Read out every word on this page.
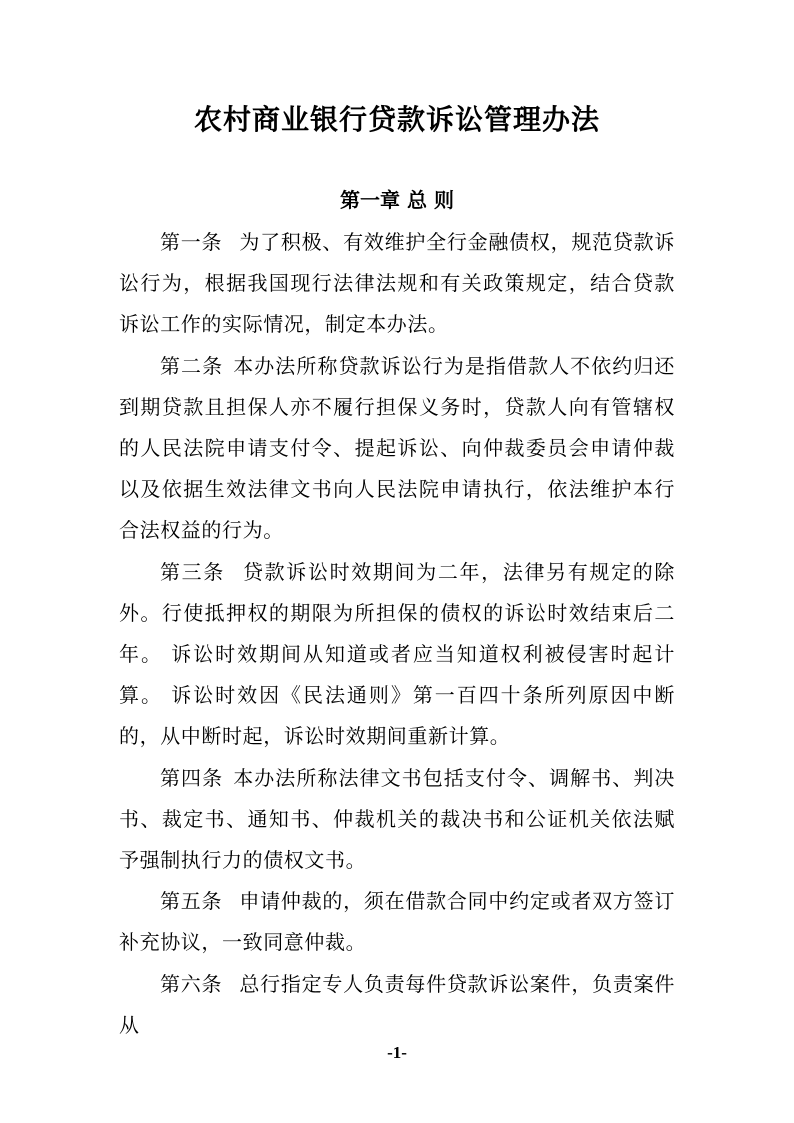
农村商业银行贷款诉讼管理办法
第一章 总 则

第一条 为了积极、有效维护全行金融债权，规范贷款诉讼行为，根据我国现行法律法规和有关政策规定，结合贷款诉讼工作的实际情况，制定本办法。

第二条 本办法所称贷款诉讼行为是指借款人不依约归还到期贷款且担保人亦不履行担保义务时，贷款人向有管辖权的人民法院申请支付令、提起诉讼、向仲裁委员会申请仲裁以及依据生效法律文书向人民法院申请执行，依法维护本行合法权益的行为。

第三条 贷款诉讼时效期间为二年，法律另有规定的除外。行使抵押权的期限为所担保的债权的诉讼时效结束后二年。 诉讼时效期间从知道或者应当知道权利被侵害时起计算。 诉讼时效因《民法通则》第一百四十条所列原因中断的，从中断时起，诉讼时效期间重新计算。

第四条 本办法所称法律文书包括支付令、调解书、判决书、裁定书、通知书、仲裁机关的裁决书和公证机关依法赋予强制执行力的债权文书。

第五条 申请仲裁的，须在借款合同中约定或者双方签订补充协议，一致同意仲裁。

第六条 总行指定专人负责每件贷款诉讼案件，负责案件从

-1-
